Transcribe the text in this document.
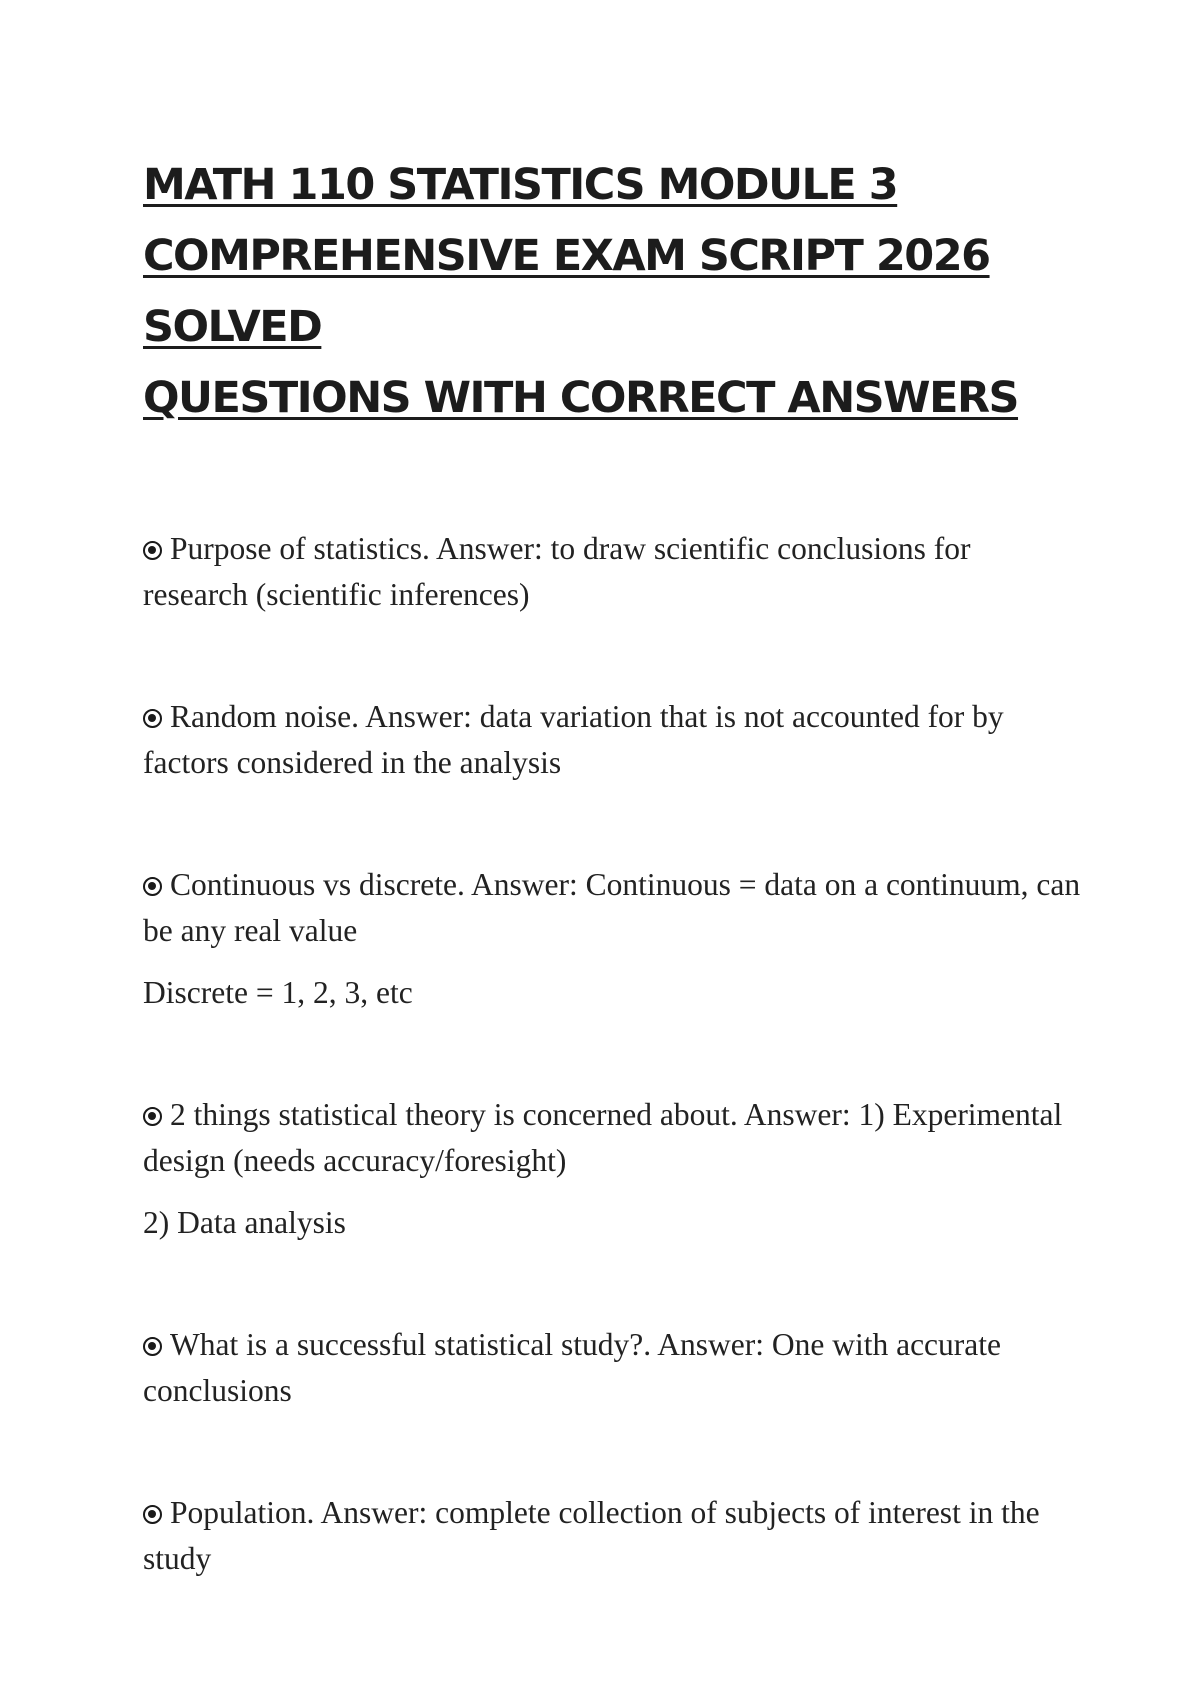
MATH 110 STATISTICS MODULE 3
COMPREHENSIVE EXAM SCRIPT 2026 SOLVED
QUESTIONS WITH CORRECT ANSWERS
Purpose of statistics. Answer: to draw scientific conclusions for research (scientific inferences)
Random noise. Answer: data variation that is not accounted for by factors considered in the analysis
Continuous vs discrete. Answer: Continuous = data on a continuum, can be any real value
Discrete = 1, 2, 3, etc
2 things statistical theory is concerned about. Answer: 1) Experimental design (needs accuracy/foresight)
2) Data analysis
What is a successful statistical study?. Answer: One with accurate conclusions
Population. Answer: complete collection of subjects of interest in the study
